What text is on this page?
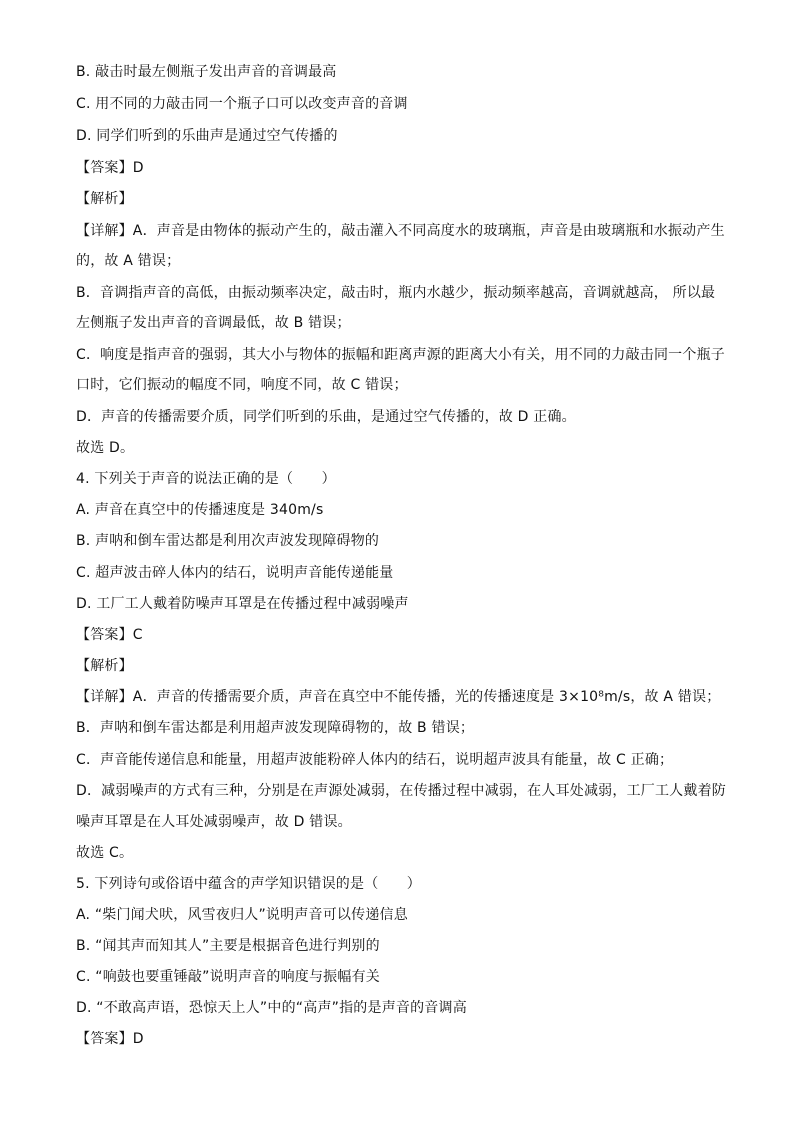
B. 敲击时最左侧瓶子发出声音的音调最高
C. 用不同的力敲击同一个瓶子口可以改变声音的音调
D. 同学们听到的乐曲声是通过空气传播的
【答案】D
【解析】
【详解】A．声音是由物体的振动产生的，敲击灌入不同高度水的玻璃瓶，声音是由玻璃瓶和水振动产生
的，故 A 错误；
B．音调指声音的高低，由振动频率决定，敲击时，瓶内水越少，振动频率越高，音调就越高， 所以最
左侧瓶子发出声音的音调最低，故 B 错误；
C．响度是指声音的强弱，其大小与物体的振幅和距离声源的距离大小有关，用不同的力敲击同一个瓶子
口时，它们振动的幅度不同，响度不同，故 C 错误；
D．声音的传播需要介质，同学们听到的乐曲，是通过空气传播的，故 D 正确。
故选 D。
4. 下列关于声音的说法正确的是（　　）
A. 声音在真空中的传播速度是 340m/s
B. 声呐和倒车雷达都是利用次声波发现障碍物的
C. 超声波击碎人体内的结石，说明声音能传递能量
D. 工厂工人戴着防噪声耳罩是在传播过程中减弱噪声
【答案】C
【解析】
【详解】A．声音的传播需要介质，声音在真空中不能传播，光的传播速度是 3×10⁸m/s，故 A 错误；
B．声呐和倒车雷达都是利用超声波发现障碍物的，故 B 错误；
C．声音能传递信息和能量，用超声波能粉碎人体内的结石，说明超声波具有能量，故 C 正确；
D．减弱噪声的方式有三种，分别是在声源处减弱，在传播过程中减弱，在人耳处减弱，工厂工人戴着防
噪声耳罩是在人耳处减弱噪声，故 D 错误。
故选 C。
5. 下列诗句或俗语中蕴含的声学知识错误的是（　　）
A. “柴门闻犬吠，风雪夜归人”说明声音可以传递信息
B. “闻其声而知其人”主要是根据音色进行判别的
C. “响鼓也要重锤敲”说明声音的响度与振幅有关
D. “不敢高声语，恐惊天上人”中的“高声”指的是声音的音调高
【答案】D
